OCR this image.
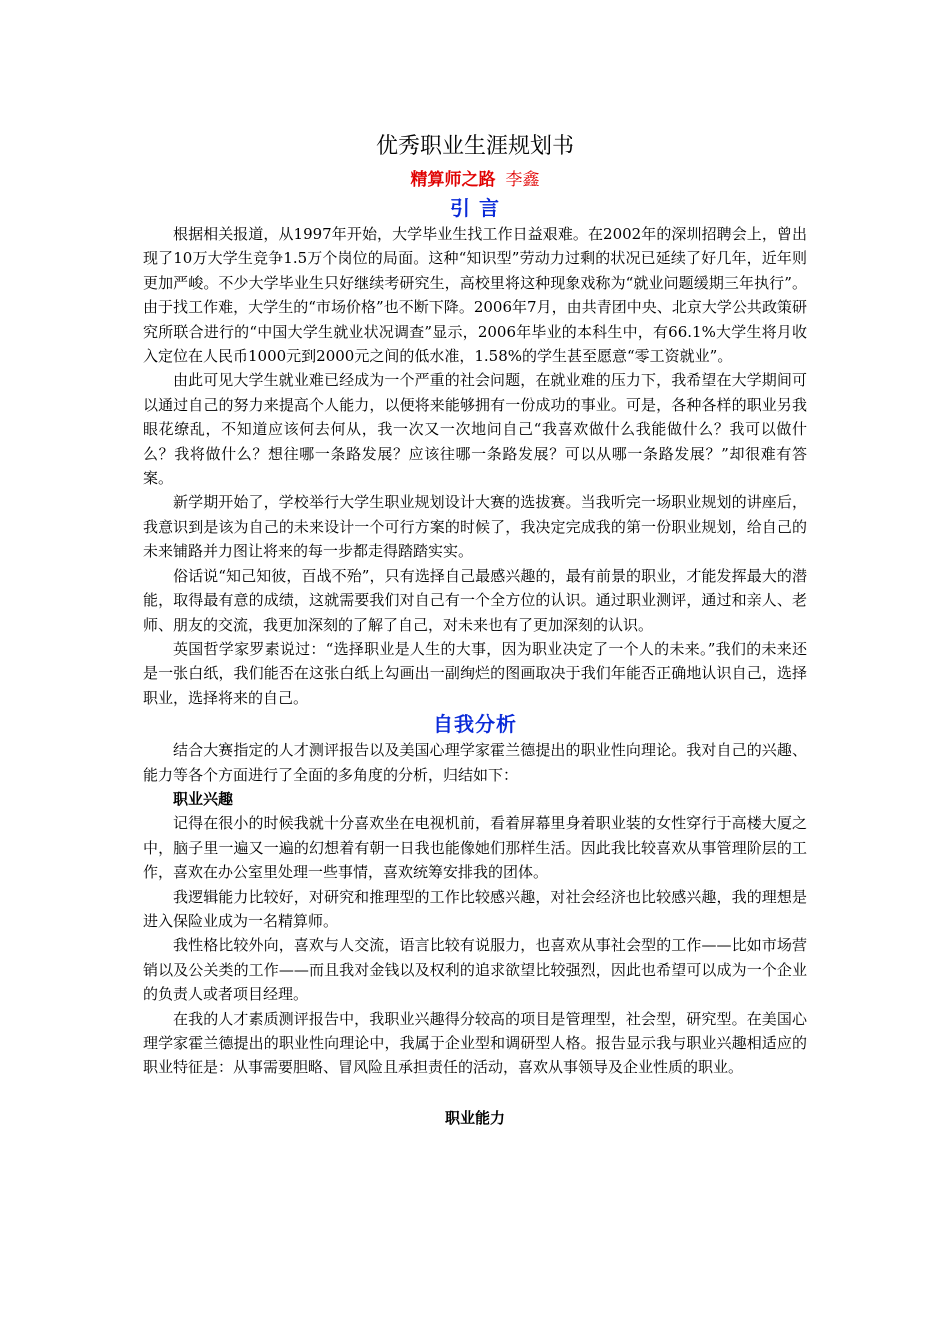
优秀职业生涯规划书
精算师之路 李鑫
引 言

根据相关报道，从1997年开始，大学毕业生找工作日益艰难。在2002年的深圳招聘会上，曾出现了10万大学生竞争1.5万个岗位的局面。这种“知识型”劳动力过剩的状况已延续了好几年，近年则更加严峻。不少大学毕业生只好继续考研究生，高校里将这种现象戏称为“就业问题缓期三年执行”。由于找工作难，大学生的“市场价格”也不断下降。2006年7月，由共青团中央、北京大学公共政策研究所联合进行的“中国大学生就业状况调查”显示，2006年毕业的本科生中，有66.1%大学生将月收入定位在人民币1000元到2000元之间的低水准，1.58%的学生甚至愿意“零工资就业”。

由此可见大学生就业难已经成为一个严重的社会问题，在就业难的压力下，我希望在大学期间可以通过自己的努力来提高个人能力，以便将来能够拥有一份成功的事业。可是，各种各样的职业另我眼花缭乱，不知道应该何去何从，我一次又一次地问自己“我喜欢做什么我能做什么？我可以做什么？我将做什么？想往哪一条路发展？应该往哪一条路发展？可以从哪一条路发展？”却很难有答案。

新学期开始了，学校举行大学生职业规划设计大赛的选拔赛。当我听完一场职业规划的讲座后，我意识到是该为自己的未来设计一个可行方案的时候了，我决定完成我的第一份职业规划，给自己的未来铺路并力图让将来的每一步都走得踏踏实实。

俗话说“知己知彼，百战不殆”，只有选择自己最感兴趣的，最有前景的职业，才能发挥最大的潜能，取得最有意的成绩，这就需要我们对自己有一个全方位的认识。通过职业测评，通过和亲人、老师、朋友的交流，我更加深刻的了解了自己，对未来也有了更加深刻的认识。

英国哲学家罗素说过：“选择职业是人生的大事，因为职业决定了一个人的未来。”我们的未来还是一张白纸，我们能否在这张白纸上勾画出一副绚烂的图画取决于我们年能否正确地认识自己，选择职业，选择将来的自己。

自我分析

结合大赛指定的人才测评报告以及美国心理学家霍兰德提出的职业性向理论。我对自己的兴趣、能力等各个方面进行了全面的多角度的分析，归结如下：

职业兴趣

记得在很小的时候我就十分喜欢坐在电视机前，看着屏幕里身着职业装的女性穿行于高楼大厦之中，脑子里一遍又一遍的幻想着有朝一日我也能像她们那样生活。因此我比较喜欢从事管理阶层的工作，喜欢在办公室里处理一些事情，喜欢统筹安排我的团体。

我逻辑能力比较好，对研究和推理型的工作比较感兴趣，对社会经济也比较感兴趣，我的理想是进入保险业成为一名精算师。

我性格比较外向，喜欢与人交流，语言比较有说服力，也喜欢从事社会型的工作——比如市场营销以及公关类的工作——而且我对金钱以及权利的追求欲望比较强烈，因此也希望可以成为一个企业的负责人或者项目经理。

在我的人才素质测评报告中，我职业兴趣得分较高的项目是管理型，社会型，研究型。在美国心理学家霍兰德提出的职业性向理论中，我属于企业型和调研型人格。报告显示我与职业兴趣相适应的职业特征是：从事需要胆略、冒风险且承担责任的活动，喜欢从事领导及企业性质的职业。

职业能力
